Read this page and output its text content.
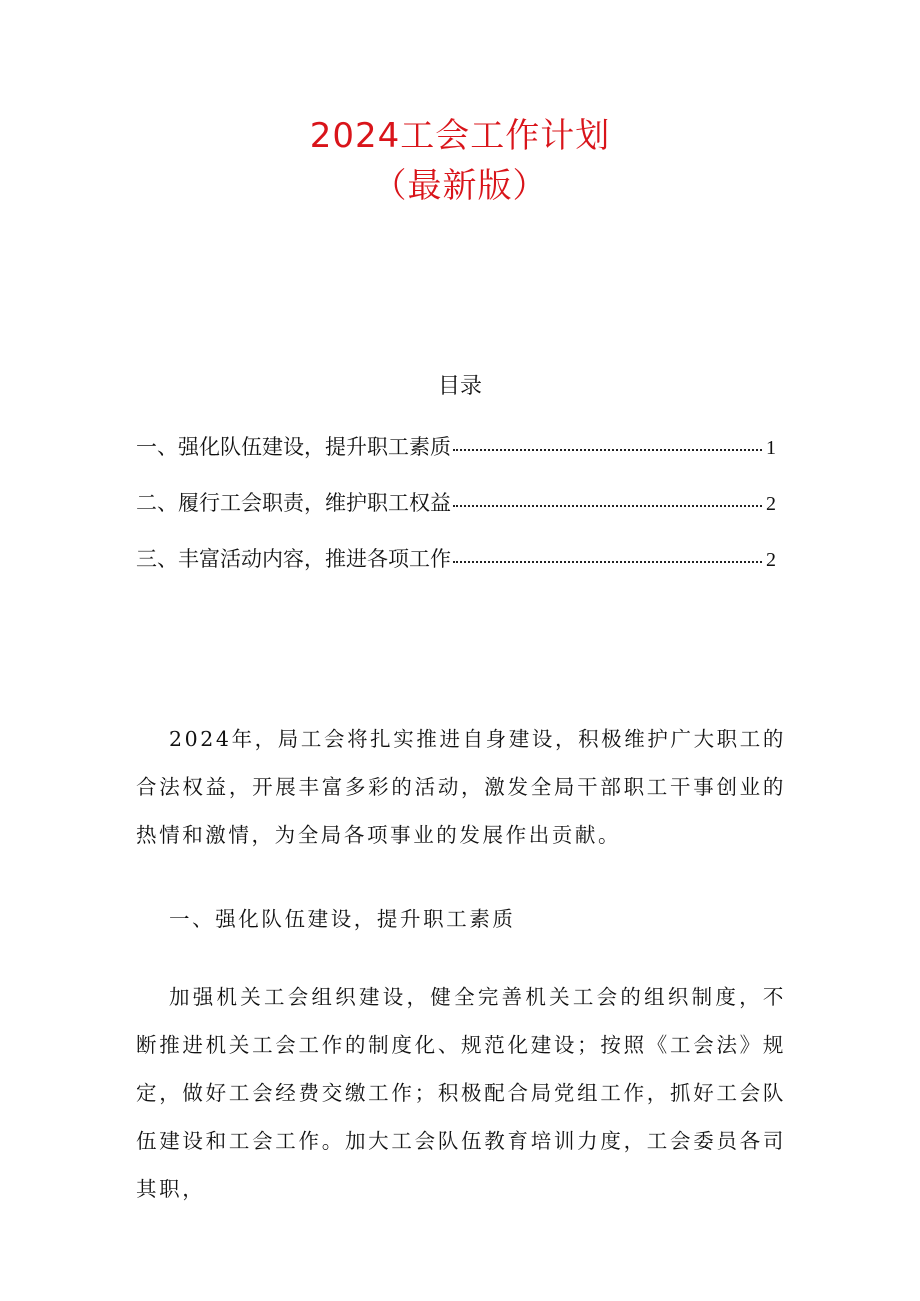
2024工会工作计划
（最新版）
目录
一、强化队伍建设，提升职工素质	1
二、履行工会职责，维护职工权益	2
三、丰富活动内容，推进各项工作	2

2024年，局工会将扎实推进自身建设，积极维护广大职工的合法权益，开展丰富多彩的活动，激发全局干部职工干事创业的热情和激情，为全局各项事业的发展作出贡献。

一、强化队伍建设，提升职工素质

加强机关工会组织建设，健全完善机关工会的组织制度，不断推进机关工会工作的制度化、规范化建设；按照《工会法》规定，做好工会经费交缴工作；积极配合局党组工作，抓好工会队伍建设和工会工作。加大工会队伍教育培训力度，工会委员各司其职，
